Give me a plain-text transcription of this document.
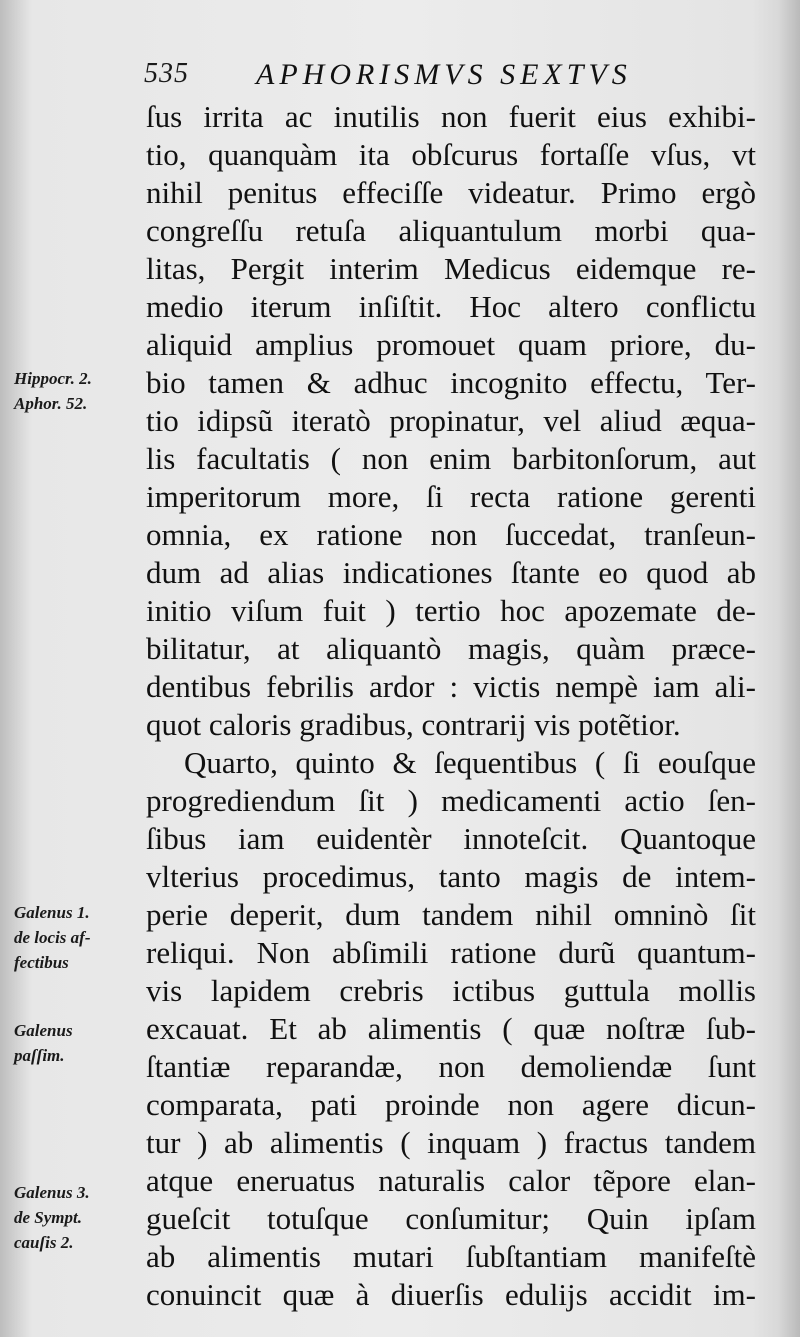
535 APHORISMVS SEXTVS
ſus irrita ac inutilis non fuerit eius exhibi-
tio, quanquàm ita obſcurus fortaſſe vſus, vt
nihil penitus effeciſſe videatur. Primo ergò
congreſſu retuſa aliquantulum morbi qua-
litas, Pergit interim Medicus eidemque re-
medio iterum inſiſtit. Hoc altero conflictu
aliquid amplius promouet quam priore, du-
bio tamen & adhuc incognito effectu, Ter-
tio idipsũ iteratò propinatur, vel aliud æqua-
lis facultatis ( non enim barbitonſorum, aut
imperitorum more, ſi recta ratione gerenti
omnia, ex ratione non ſuccedat, tranſeun-
dum ad alias indicationes ſtante eo quod ab
initio viſum fuit ) tertio hoc apozemate de-
bilitatur, at aliquantò magis, quàm præce-
dentibus febrilis ardor : victis nempè iam ali-
quot caloris gradibus, contrarij vis potẽtior.
Quarto, quinto & ſequentibus ( ſi eouſque
progrediendum ſit ) medicamenti actio ſen-
ſibus iam euidentèr innoteſcit. Quantoque
vlterius procedimus, tanto magis de intem-
perie deperit, dum tandem nihil omninò ſit
reliqui. Non abſimili ratione durũ quantum-
vis lapidem crebris ictibus guttula mollis
excauat. Et ab alimentis ( quæ noſtræ ſub-
ſtantiæ reparandæ, non demoliendæ ſunt
comparata, pati proinde non agere dicun-
tur ) ab alimentis ( inquam ) fractus tandem
atque eneruatus naturalis calor tẽpore elan-
gueſcit totuſque conſumitur; Quin ipſam
ab alimentis mutari ſubſtantiam manifeſtè
conuincit quæ à diuerſis edulijs accidit im-
Hippocr. 2.
Aphor. 52.
Galenus 1.
de locis af-
fectibus
Galenus
paſſim.
Galenus 3.
de Sympt.
cauſis 2.
